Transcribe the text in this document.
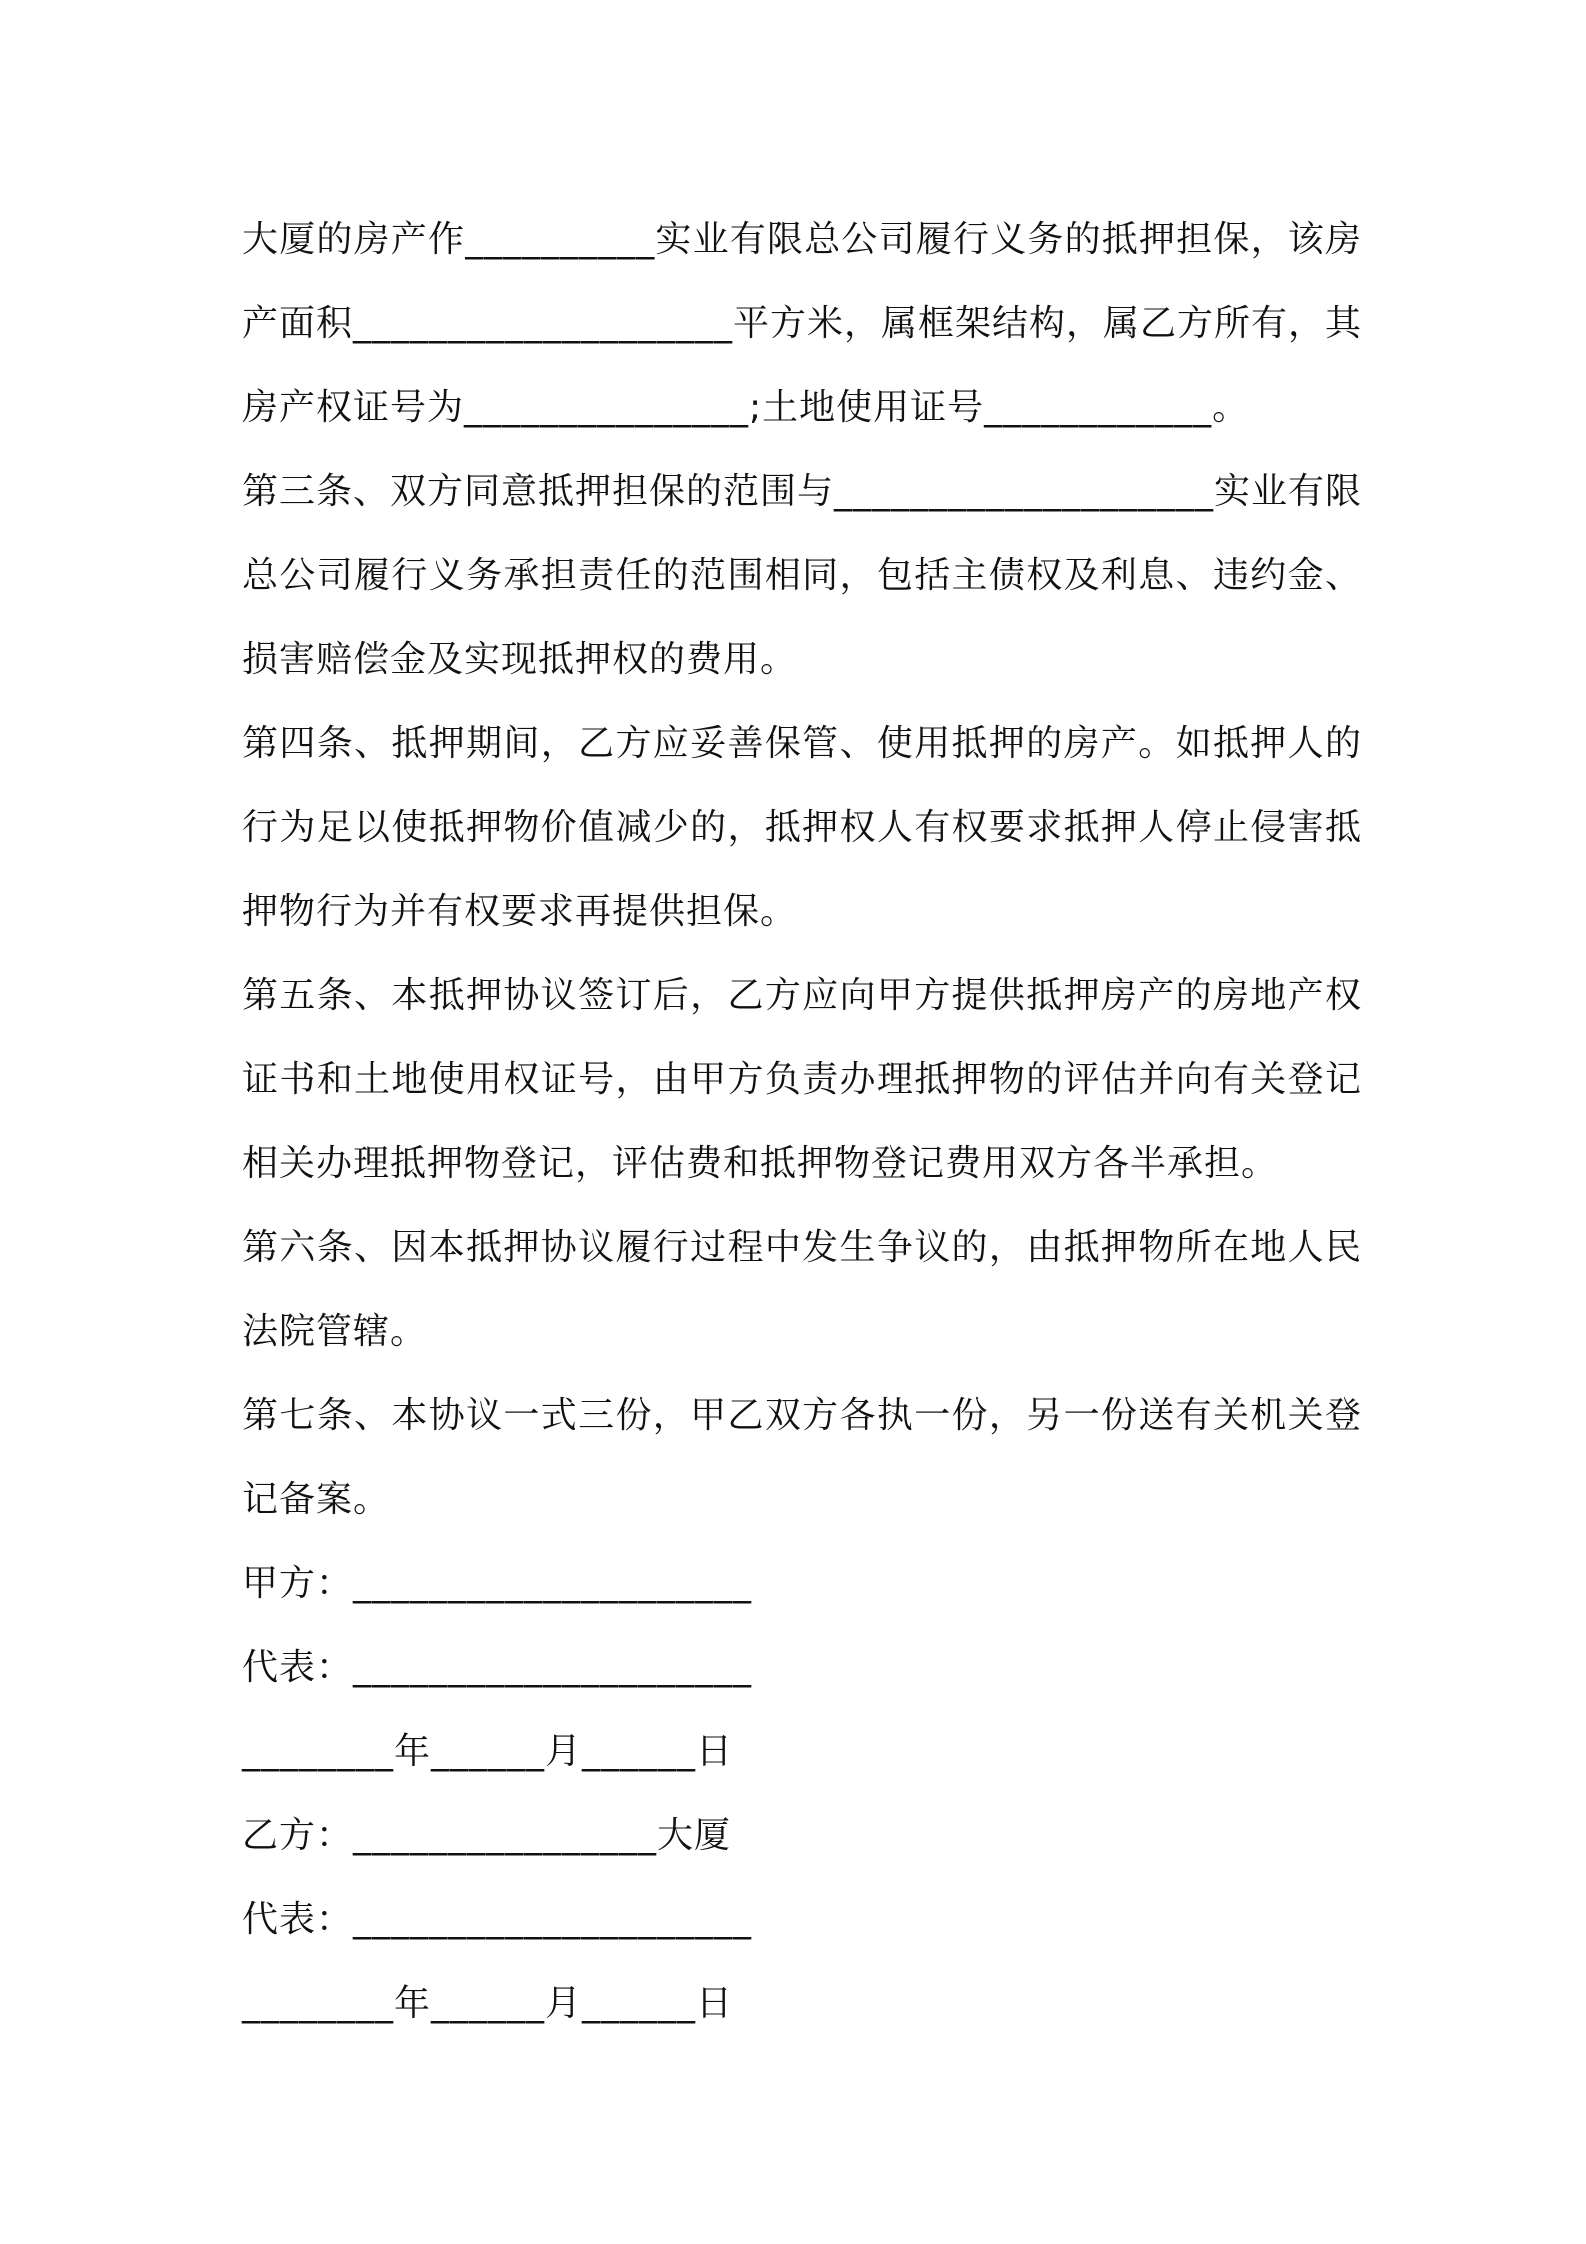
大厦的房产作__________实业有限总公司履行义务的抵押担保，该房
产面积____________________平方米，属框架结构，属乙方所有，其
房产权证号为_______________;土地使用证号____________。
第三条、双方同意抵押担保的范围与____________________实业有限
总公司履行义务承担责任的范围相同，包括主债权及利息、违约金、
损害赔偿金及实现抵押权的费用。
第四条、抵押期间，乙方应妥善保管、使用抵押的房产。如抵押人的
行为足以使抵押物价值减少的，抵押权人有权要求抵押人停止侵害抵
押物行为并有权要求再提供担保。
第五条、本抵押协议签订后，乙方应向甲方提供抵押房产的房地产权
证书和土地使用权证号，由甲方负责办理抵押物的评估并向有关登记
相关办理抵押物登记，评估费和抵押物登记费用双方各半承担。
第六条、因本抵押协议履行过程中发生争议的，由抵押物所在地人民
法院管辖。
第七条、本协议一式三份，甲乙双方各执一份，另一份送有关机关登
记备案。
甲方：_____________________
代表：_____________________
________年______月______日
乙方：________________大厦
代表：_____________________
________年______月______日
